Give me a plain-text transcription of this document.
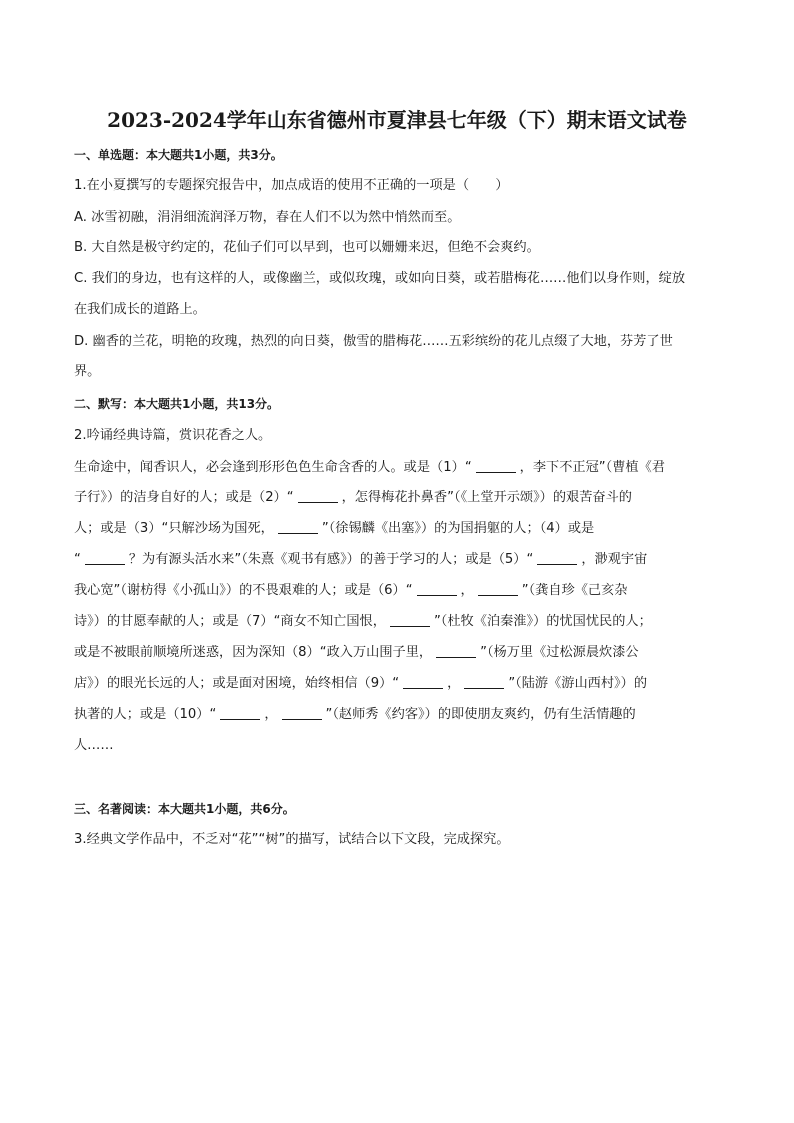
2023-2024学年山东省德州市夏津县七年级（下）期末语文试卷
一、单选题：本大题共1小题，共3分。
1.在小夏撰写的专题探究报告中，加点成语的使用不正确的一项是（　　）
A. 冰雪初融，涓涓细流润泽万物，春在人们不以为然中悄然而至。
B. 大自然是极守约定的，花仙子们可以早到，也可以姗姗来迟，但绝不会爽约。
C. 我们的身边，也有这样的人，或像幽兰，或似玫瑰，或如向日葵，或若腊梅花……他们以身作则，绽放
在我们成长的道路上。
D. 幽香的兰花，明艳的玫瑰，热烈的向日葵，傲雪的腊梅花……五彩缤纷的花儿点缀了大地，芬芳了世
界。
二、默写：本大题共1小题，共13分。
2.吟诵经典诗篇，赏识花香之人。
生命途中，闻香识人，必会逢到形形色色生命含香的人。或是（1）“	，李下不正冠”（曹植《君
子行》）的洁身自好的人；或是（2）“	，怎得梅花扑鼻香”（《上堂开示颂》）的艰苦奋斗的
人；或是（3）“只解沙场为国死，	”（徐锡麟《出塞》）的为国捐躯的人；（4）或是
“	？为有源头活水来”（朱熹《观书有感》）的善于学习的人；或是（5）“	，渺观宇宙
我心宽”（谢枋得《小孤山》）的不畏艰难的人；或是（6）“	，	”（龚自珍《己亥杂
诗》）的甘愿奉献的人；或是（7）“商女不知亡国恨，	”（杜牧《泊秦淮》）的忧国忧民的人；
或是不被眼前顺境所迷惑，因为深知（8）“政入万山围子里，	”（杨万里《过松源晨炊漆公
店》）的眼光长远的人；或是面对困境，始终相信（9）“	，	”（陆游《游山西村》）的
执著的人；或是（10）“	，	”（赵师秀《约客》）的即使朋友爽约，仍有生活情趣的
人……
三、名著阅读：本大题共1小题，共6分。
3.经典文学作品中，不乏对“花”“树”的描写，试结合以下文段，完成探究。
